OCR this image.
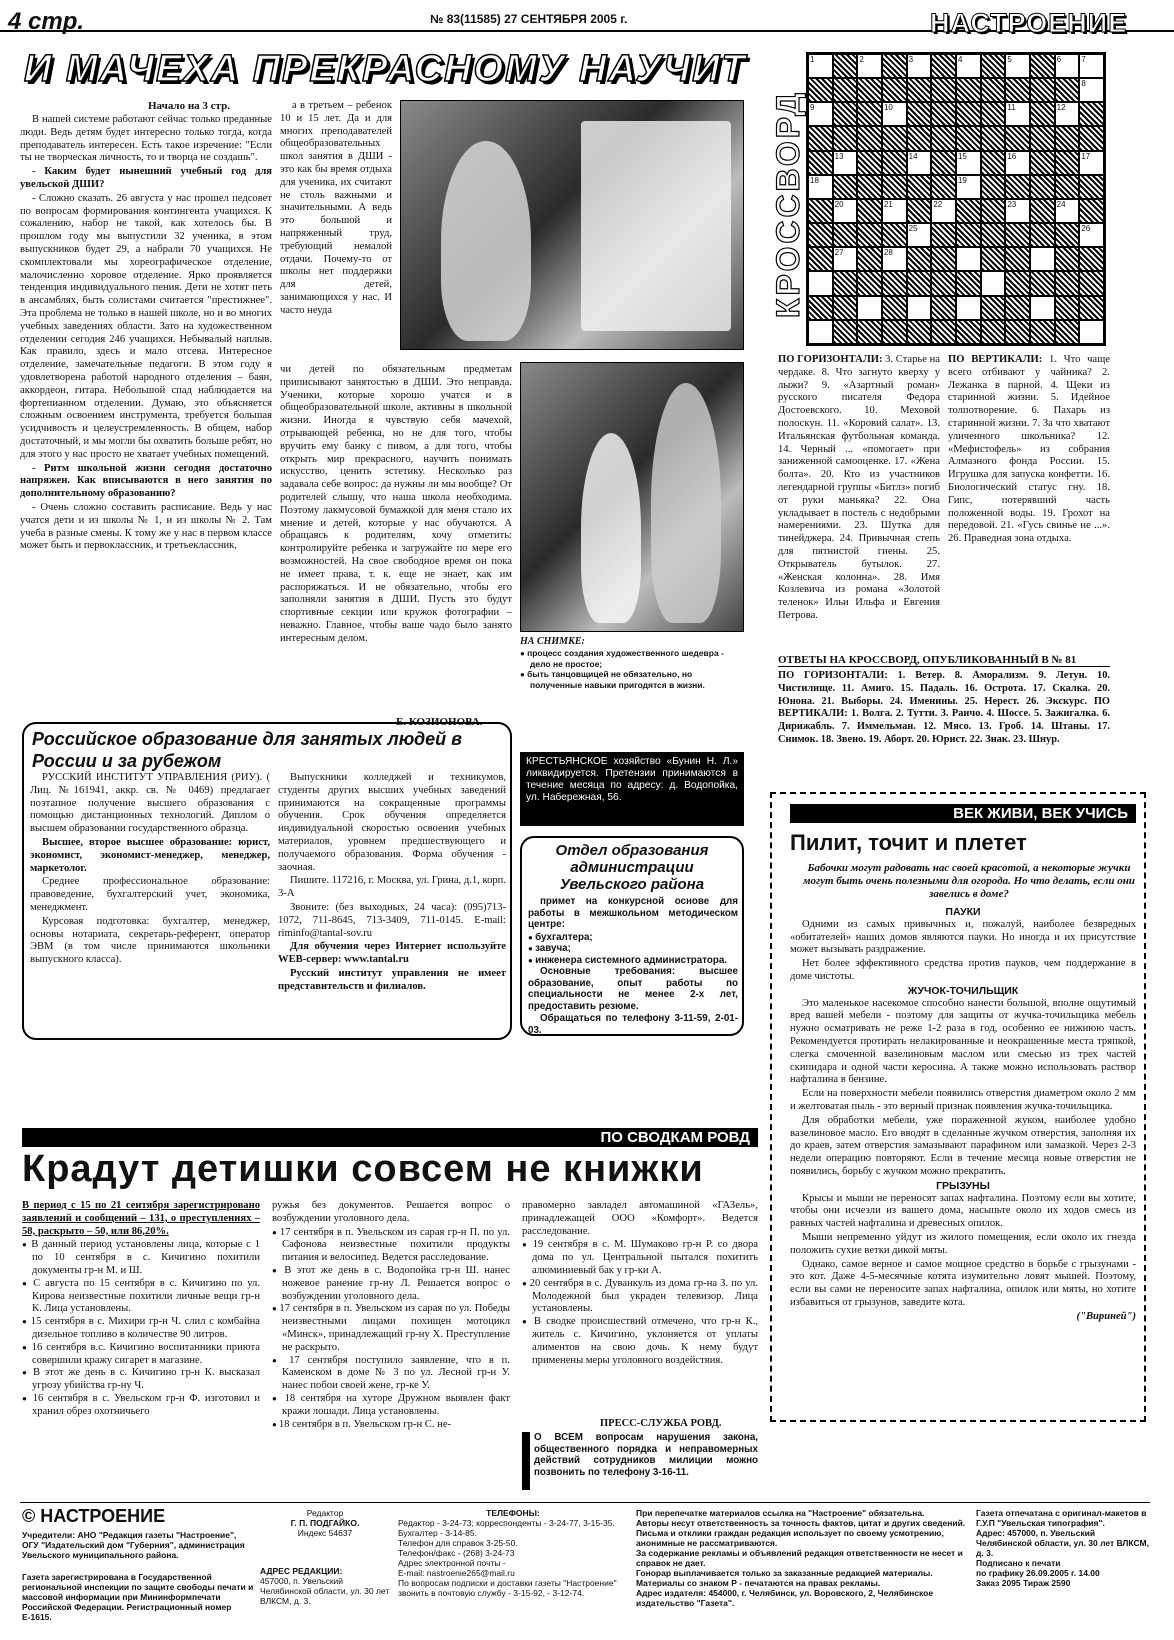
4 стр.	№ 83(11585) 27 СЕНТЯБРЯ 2005 г.	НАСТРОЕНИЕ
И МАЧЕХА ПРЕКРАСНОМУ НАУЧИТ
Начало на 3 стр.

В нашей системе работают сейчас только преданные люди. Ведь детям будет интересно только тогда, когда преподаватель интересен. Есть такое изречение: "Если ты не творческая личность, то и творца не создашь".

- Каким будет нынешний учебный год для увельской ДШИ?

- Сложно сказать. 26 августа у нас прошел педсовет по вопросам формирования контингента учащихся. К сожалению, набор не такой, как хотелось бы. В прошлом году мы выпустили 32 ученика, в этом выпускников будет 29, а набрали 70 учащихся. Не скомплектовали мы хореографическое отделение, малочисленно хоровое отделение. Ярко проявляется тенденция индивидуального пения. Дети не хотят петь в ансамблях, быть солистами считается "престижнее". Эта проблема не только в нашей школе, но и во многих учебных заведениях области. Зато на художественном отделении сегодня 246 учащихся. Небывалый наплыв. Как правило, здесь и мало отсева. Интересное отделение, замечательные педагоги. В этом году я удовлетворена работой народного отделения – баян, аккордеон, гитара. Небольшой спад наблюдается на фортепианном отделении. Думаю, это объясняется сложным освоением инструмента, требуется большая усидчивость и целеустремленность. В общем, набор достаточный, и мы могли бы охватить больше ребят, но для этого у нас просто не хватает учебных помещений.

- Ритм школьной жизни сегодня достаточно напряжен. Как вписываются в него занятия по дополнительному образованию?

- Очень сложно составить расписание. Ведь у нас учатся дети и из школы № 1, и из школы № 2. Там учеба в разные смены. К тому же у нас в первом классе может быть и первоклассник, и третьеклассник,

а в третьем – ребенок 10 и 15 лет. Да и для многих преподавателей общеобразовательных школ занятия в ДШИ - это как бы время отдыха для ученика, их считают не столь важными и значительными. А ведь это большой и напряженный труд, требующий немалой отдачи. Почему-то от школы нет поддержки для детей, занимающихся у нас. И часто неуда

чи детей по обязательным предметам приписывают занятостью в ДШИ. Это неправда. Ученики, которые хорошо учатся и в общеобразовательной школе, активны в школьной жизни. Иногда я чувствую себя мачехой, отрывающей ребенка, но не для того, чтобы вручить ему банку с пивом, а для того, чтобы открыть мир прекрасного, научить понимать искусство, ценить эстетику. Несколько раз задавала себе вопрос: да нужны ли мы вообще? От родителей слышу, что наша школа необходима. Поэтому лакмусовой бумажкой для меня стало их мнение и детей, которые у нас обучаются. А обращаясь к родителям, хочу отметить: контролируйте ребенка и загружайте по мере его возможностей. На свое свободное время он пока не имеет права, т. к. еще не знает, как им распоряжаться. И не обязательно, чтобы его заполняли занятия в ДШИ. Пусть это будут спортивные секции или кружок фотографии – неважно. Главное, чтобы ваше чадо было занято интересным делом.	НА СНИМКЕ:
● процесс создания художественного шедевра - дело не простое;
● быть танцовщицей не обязательно, но полученные навыки пригодятся в жизни.
Е. КОЗИОНОВА.
КРОССВОРД
1	2	3	4	5	6	7
8
9	10	11	12
13	14	15	16	17
18	19
20	21	22	23	24
25	26
27	28
ПО ГОРИЗОНТАЛИ: 3. Старье на чердаке. 8. Что загнуто кверху у лыжи? 9. «Азартный роман» русского писателя Федора Достоевского. 10. Меховой полоскун. 11. «Коровий салат». 13. Итальянская футбольная команда. 14. Черный ... «помогает» при заниженной самооценке. 17. «Жена болта». 20. Кто из участников легендарной группы «Битлз» погиб от руки маньяка? 22. Она укладывает в постель с недобрыми намерениями. 23. Шутка для тинейджера. 24. Привычная степь для пятнистой гиены. 25. Открыватель бутылок. 27. «Женская колонна». 28. Имя Козлевича из романа «Золотой теленок» Ильи Ильфа и Евгения Петрова.
ПО ВЕРТИКАЛИ: 1. Что чаще всего отбивают у чайника? 2. Лежанка в парной. 4. Щеки из старинной жизни. 5. Идейное толпотворение. 6. Пахарь из старинной жизни. 7. За что хватают уличенного школьника? 12. «Мефистофель» из собрания Алмазного фонда России. 15. Игрушка для запуска конфетти. 16. Биологический статус гну. 18. Гипс, потерявший часть положенной воды. 19. Грохот на передовой. 21. «Гусь свинье не ...». 26. Праведная зона отдыха.
ОТВЕТЫ НА КРОССВОРД, ОПУБЛИКОВАННЫЙ В № 81
ПО ГОРИЗОНТАЛИ: 1. Ветер. 8. Аморализм. 9. Летун. 10. Чистилище. 11. Амиго. 15. Падаль. 16. Острота. 17. Скалка. 20. Юнона. 21. Выборы. 24. Именины. 25. Нерест. 26. Экскурс. ПО ВЕРТИКАЛИ: 1. Волга. 2. Тутти. 3. Раичо. 4. Шоссе. 5. Зажигалка. 6. Дирижабль. 7. Иммельман. 12. Мясо. 13. Гроб. 14. Штаны. 17. Снимок. 18. Звено. 19. Аборт. 20. Юрист. 22. Знак. 23. Шнур.
Российское образование для занятых людей в России и за рубежом

РУССКИЙ ИНСТИТУТ УПРАВЛЕНИЯ (РИУ). ( Лиц. №161941, аккр. св. № 0469) предлагает поэтапное получение высшего образования с помощью дистанционных технологий. Диплом о высшем образовании государственного образца.

Высшее, второе высшее образование: юрист, экономист, экономист-менеджер, менеджер, маркетолог.

Среднее профессиональное образование: правоведение, бухгалтерский учет, экономика, менеджмент.

Курсовая подготовка: бухгалтер, менеджер, основы нотариата, секретарь-референт, оператор ЭВМ (в том числе принимаются школьники выпускного класса).

Выпускники колледжей и техникумов, студенты других высших учебных заведений принимаются на сокращенные программы обучения. Срок обучения определяется индивидуальной скоростью освоения учебных материалов, уровнем предшествующего и получаемого образования. Форма обучения - заочная.

Пишите. 117216, г. Москва, ул. Грина, д.1, корп. 3-А

Звоните: (без выходных, 24 часа): (095)713-1072, 711-8645, 713-3409, 711-0145. E-mail: riminfo@tantal-sov.ru

Для обучения через Интернет используйте WEB-сервер: www.tantal.ru

Русский институт управления не имеет представительств и филиалов.

КРЕСТЬЯНСКОЕ хозяйство «Бунин Н. Л.» ликвидируется. Претензии принимаются в течение месяца по адресу: д. Водопойка, ул. Набережная, 56.
Отдел образования администрации Увельского района

примет на конкурсной основе для работы в межшкольном методическом центре:

● бухгалтера;
● завуча;
● инженера системного администратора.

Основные требования: высшее образование, опыт работы по специальности не менее 2-х лет, предоставить резюме.

Обращаться по телефону 3-11-59, 2-01-03.

ВЕК ЖИВИ, ВЕК УЧИСЬ
Пилит, точит и плетет
Бабочки могут радовать нас своей красотой, а некоторые жучки могут быть очень полезными для огорода. Но что делать, если они завелись в доме?
ПАУКИ

Одними из самых привычных и, пожалуй, наиболее безвредных «обитателей» наших домов являются пауки. Но иногда и их присутствие может вызывать раздражение.

Нет более эффективного средства против пауков, чем поддержание в доме чистоты.

ЖУЧОК-ТОЧИЛЬЩИК

Это маленькое насекомое способно нанести большой, вполне ощутимый вред вашей мебели - поэтому для защиты от жучка-точильщика мебель нужно осматривать не реже 1-2 раза в год, особенно ее нижнюю часть. Рекомендуется протирать нелакированные и неокрашенные места тряпкой, слегка смоченной вазелиновым маслом или смесью из трех частей скипидара и одной части керосина. А также можно использовать раствор нафталина в бензине.

Если на поверхности мебели появились отверстия диаметром около 2 мм и желтоватая пыль - это верный признак появления жучка-точильщика.

Для обработки мебели, уже пораженной жуком, наиболее удобно вазелиновое масло. Его вводят в сделанные жучком отверстия, заполняя их до краев, затем отверстия замазывают парафином или замазкой. Через 2-3 недели операцию повторяют. Если в течение месяца новые отверстия не появились, борьбу с жучком можно прекратить.

ГРЫЗУНЫ

Крысы и мыши не переносят запах нафталина. Поэтому если вы хотите, чтобы они исчезли из вашего дома, насыпьте около их ходов смесь из равных частей нафталина и древесных опилок.

Мыши непременно уйдут из жилого помещения, если около их гнезда положить сухие ветки дикой мяты.

Однако, самое верное и самое мощное средство в борьбе с грызунами - это кот. Даже 4-5-месячные котята изумительно ловят мышей. Поэтому, если вы сами не переносите запах нафталина, опилок или мяты, но хотите избавиться от грызунов, заведите кота.

("Вириней")
ПО СВОДКАМ РОВД
Крадут детишки совсем не книжки

В период с 15 по 21 сентября зарегистрировано заявлений и сообщений – 131, о преступлениях – 58, раскрыто – 50, или 86,20%.

● В данный период установлены лица, которые с 1 по 10 сентября в с. Кичигино похитили документы гр-н М. и Ш.
● С августа по 15 сентября в с. Кичигино по ул. Кирова неизвестные похитили личные вещи гр-н К. Лица установлены.
● 15 сентября в с. Михири гр-н Ч. слил с комбайна дизельное топливо в количестве 90 литров.
● 16 сентября в.с. Кичигино воспитанники приюта совершили кражу сигарет в магазине.
● В этот же день в с. Кичигино гр-н К. высказал угрозу убийства гр-ну Ч.
● 16 сентября в с. Увельском гр-н Ф. изготовил и хранил обрез охотничьего

ружья без документов. Решается вопрос о возбуждении уголовного дела.

● 17 сентября в п. Увельском из сарая гр-н П. по ул. Сафонова неизвестные похитили продукты питания и велосипед. Ведется расследование.
● В этот же день в с. Водопойка гр-н Ш. нанес ножевое ранение гр-ну Л. Решается вопрос о возбуждении уголовного дела.
● 17 сентября в п. Увельском из сарая по ул. Победы неизвестными лицами похищен мотоцикл «Минск», принадлежащий гр-ну Х. Преступление не раскрыто.
● 17 сентября поступило заявление, что в п. Каменском в доме № 3 по ул. Лесной гр-н У. нанес побои своей жене, гр-ке У.
● 18 сентября на хуторе Дружном выявлен факт кражи лошади. Лица установлены.
● 18 сентября в п. Увельском гр-н С. не-

правомерно завладел автомашиной «ГАЗель», принадлежащей ООО «Комфорт». Ведется расследование.

● 19 сентября в с. М. Шумаково гр-н Р. со двора дома по ул. Центральной пытался похитить алюминиевый бак у гр-ки А.
● 20 сентября в с. Дуванкуль из дома гр-на З. по ул. Молодежной был украден телевизор. Лица установлены.
● В сводке происшествий отмечено, что гр-н К., житель с. Кичигино, уклоняется от уплаты алиментов на свою дочь. К нему будут применены меры уголовного воздействия.
ПРЕСС-СЛУЖБА РОВД.
О ВСЕМ вопросам нарушения закона, общественного порядка и неправомерных действий сотрудников милиции можно позвонить по телефону 3-16-11.
© НАСТРОЕНИЕ
Учредители: АНО "Редакция газеты "Настроение", ОГУ "Издательский дом "Губерния", администрация Увельского муниципального района.
Газета зарегистрирована в Государственной региональной инспекции по защите свободы печати и массовой информации при Мининформпечати Российской Федерации. Регистрационный номер Е-1615.
Редактор
Г. П. ПОДГАЙКО.
Индекс 54637
АДРЕС РЕДАКЦИИ:
457000, п. Увельский Челябинской области, ул. 30 лет ВЛКСМ, д. 3.
ТЕЛЕФОНЫ:
Редактор - 3-24-73; корреспонденты - 3-24-77, 3-15-35.
Бухгалтер - 3-14-85.
Телефон для справок 3-25-50.
Телефон/факс - (268) 3-24-73
Адрес электронной почты -
E-mail: nastroenie265@mail.ru
По вопросам подписки и доставки газеты "Настроение" звонить в почтовую службу - 3-15-92, - 3-12-74.
При перепечатке материалов ссылка на "Настроение" обязательна.
Авторы несут ответственность за точность фактов, цитат и других сведений.
Письма и отклики граждан редакция использует по своему усмотрению, анонимные не рассматриваются.
За содержание рекламы и объявлений редакция ответственности не несет и справок не дает.
Гонорар выплачивается только за заказанные редакцией материалы.
Материалы со знаком Р - печатаются на правах рекламы.
Адрес издателя: 454000, г. Челябинск, ул. Воровского, 2, Челябинское издательство "Газета".
Газета отпечатана с оригинал-макетов в Г.У.П "Увельская типография".
Адрес: 457000, п. Увельский Челябинской области, ул. 30 лет ВЛКСМ, д. 3.
Подписано к печати
по графику 26.09.2005 г. 14.00
Заказ 2095 Тираж 2590
